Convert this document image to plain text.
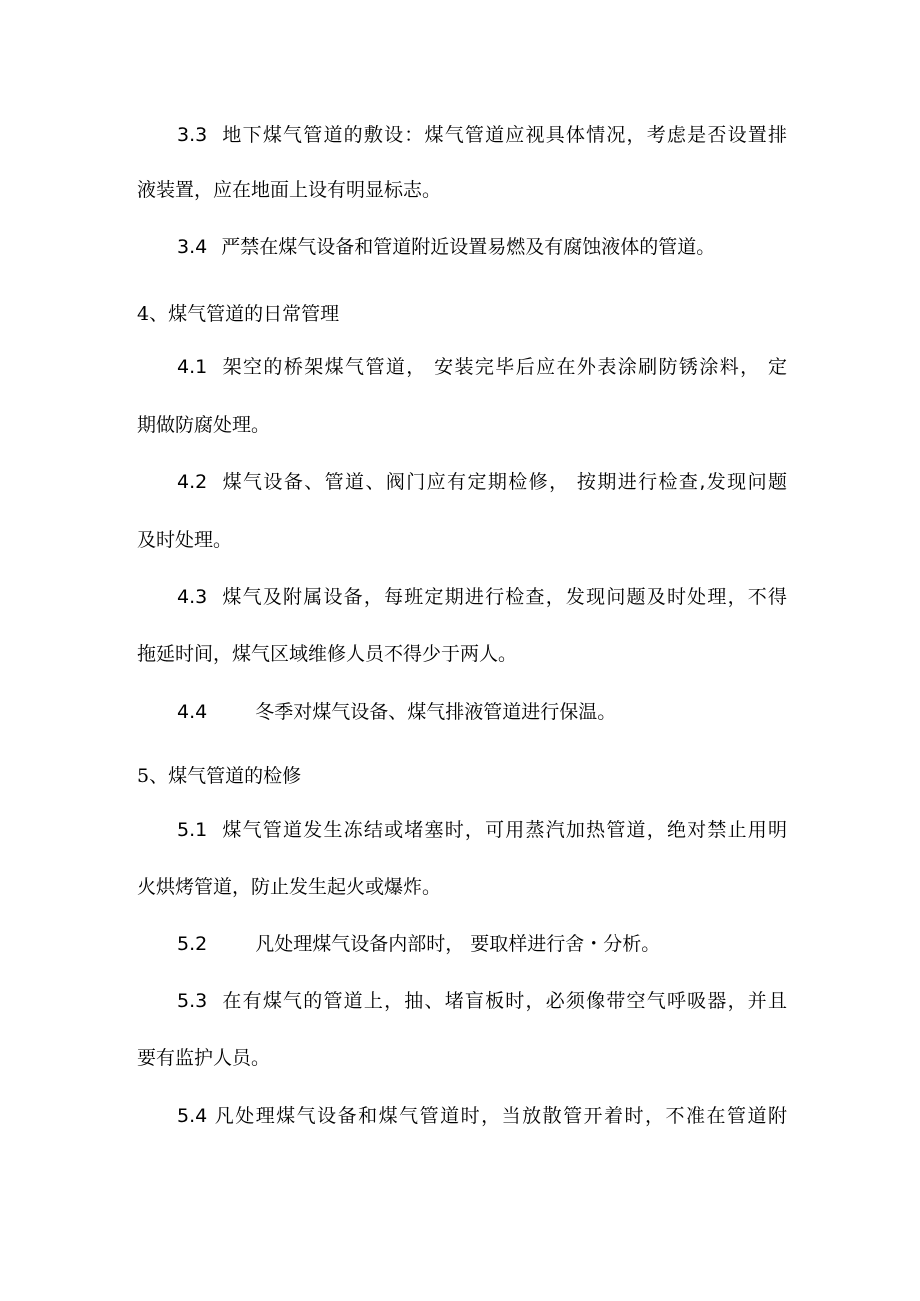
3.3 地下煤气管道的敷设：煤气管道应视具体情况，考虑是否设置排
液装置，应在地面上设有明显标志。
3.4 严禁在煤气设备和管道附近设置易燃及有腐蚀液体的管道。
4、煤气管道的日常管理
4.1 架空的桥架煤气管道， 安装完毕后应在外表涂刷防锈涂料， 定
期做防腐处理。
4.2 煤气设备、管道、阀门应有定期检修， 按期进行检查,发现问题
及时处理。
4.3 煤气及附属设备，每班定期进行检查，发现问题及时处理，不得
拖延时间，煤气区域维修人员不得少于两人。
4.4	冬季对煤气设备、煤气排液管道进行保温。
5、煤气管道的检修
5.1 煤气管道发生冻结或堵塞时，可用蒸汽加热管道，绝对禁止用明
火烘烤管道，防止发生起火或爆炸。
5.2	凡处理煤气设备内部时， 要取样进行舍・分析。
5.3 在有煤气的管道上，抽、堵盲板时，必须像带空气呼吸器，并且
要有监护人员。
5.4 凡处理煤气设备和煤气管道时，当放散管开着时，不准在管道附
